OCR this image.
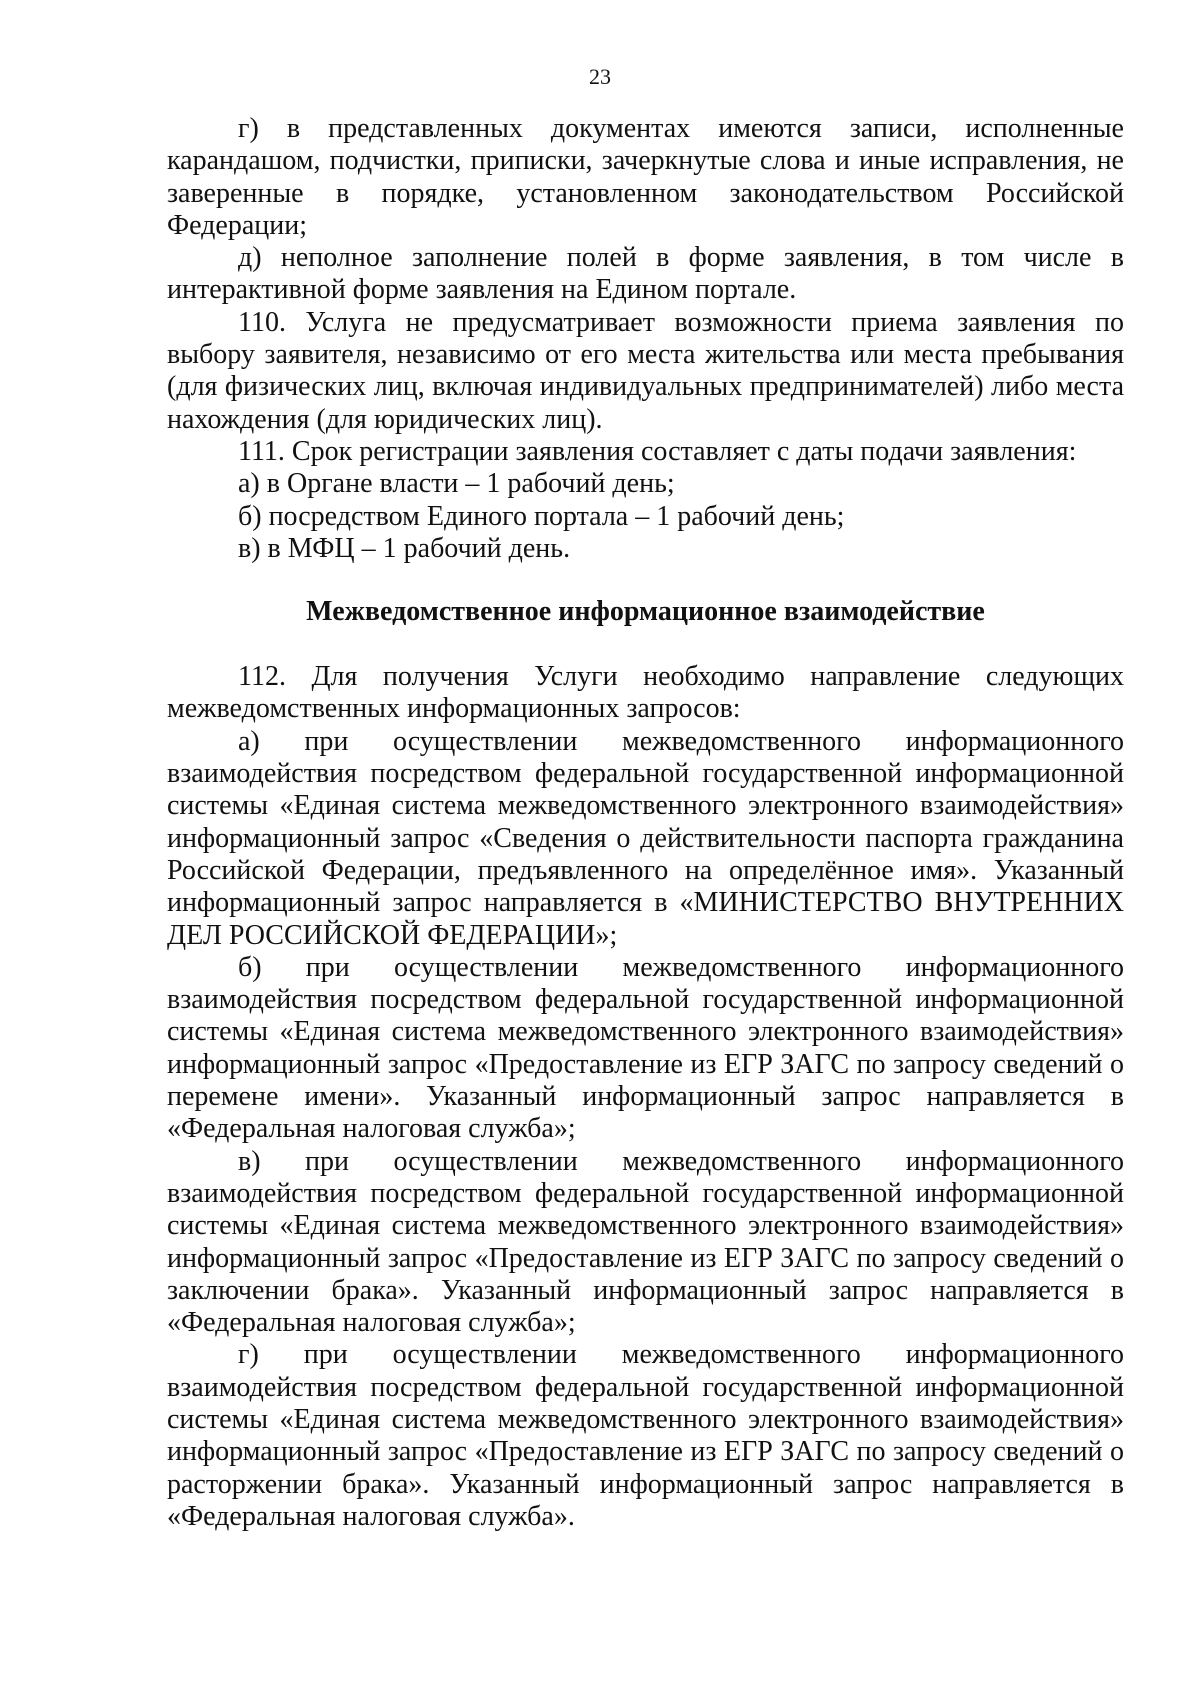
23

г) в представленных документах имеются записи, исполненные карандашом, подчистки, приписки, зачеркнутые слова и иные исправления, не заверенные в порядке, установленном законодательством Российской Федерации;

д) неполное заполнение полей в форме заявления, в том числе в интерактивной форме заявления на Едином портале.

110. Услуга не предусматривает возможности приема заявления по выбору заявителя, независимо от его места жительства или места пребывания (для физических лиц, включая индивидуальных предпринимателей) либо места нахождения (для юридических лиц).

111. Срок регистрации заявления составляет с даты подачи заявления:

а) в Органе власти – 1 рабочий день;

б) посредством Единого портала – 1 рабочий день;

в) в МФЦ – 1 рабочий день.

Межведомственное информационное взаимодействие

112. Для получения Услуги необходимо направление следующих межведомственных информационных запросов:

а) при осуществлении межведомственного информационного взаимодействия посредством федеральной государственной информационной системы «Единая система межведомственного электронного взаимодействия» информационный запрос «Сведения о действительности паспорта гражданина Российской Федерации, предъявленного на определённое имя». Указанный информационный запрос направляется в «МИНИСТЕРСТВО ВНУТРЕННИХ ДЕЛ РОССИЙСКОЙ ФЕДЕРАЦИИ»;

б) при осуществлении межведомственного информационного взаимодействия посредством федеральной государственной информационной системы «Единая система межведомственного электронного взаимодействия» информационный запрос «Предоставление из ЕГР ЗАГС по запросу сведений о перемене имени». Указанный информационный запрос направляется в «Федеральная налоговая служба»;

в) при осуществлении межведомственного информационного взаимодействия посредством федеральной государственной информационной системы «Единая система межведомственного электронного взаимодействия» информационный запрос «Предоставление из ЕГР ЗАГС по запросу сведений о заключении брака». Указанный информационный запрос направляется в «Федеральная налоговая служба»;

г) при осуществлении межведомственного информационного взаимодействия посредством федеральной государственной информационной системы «Единая система межведомственного электронного взаимодействия» информационный запрос «Предоставление из ЕГР ЗАГС по запросу сведений о расторжении брака». Указанный информационный запрос направляется в «Федеральная налоговая служба».
